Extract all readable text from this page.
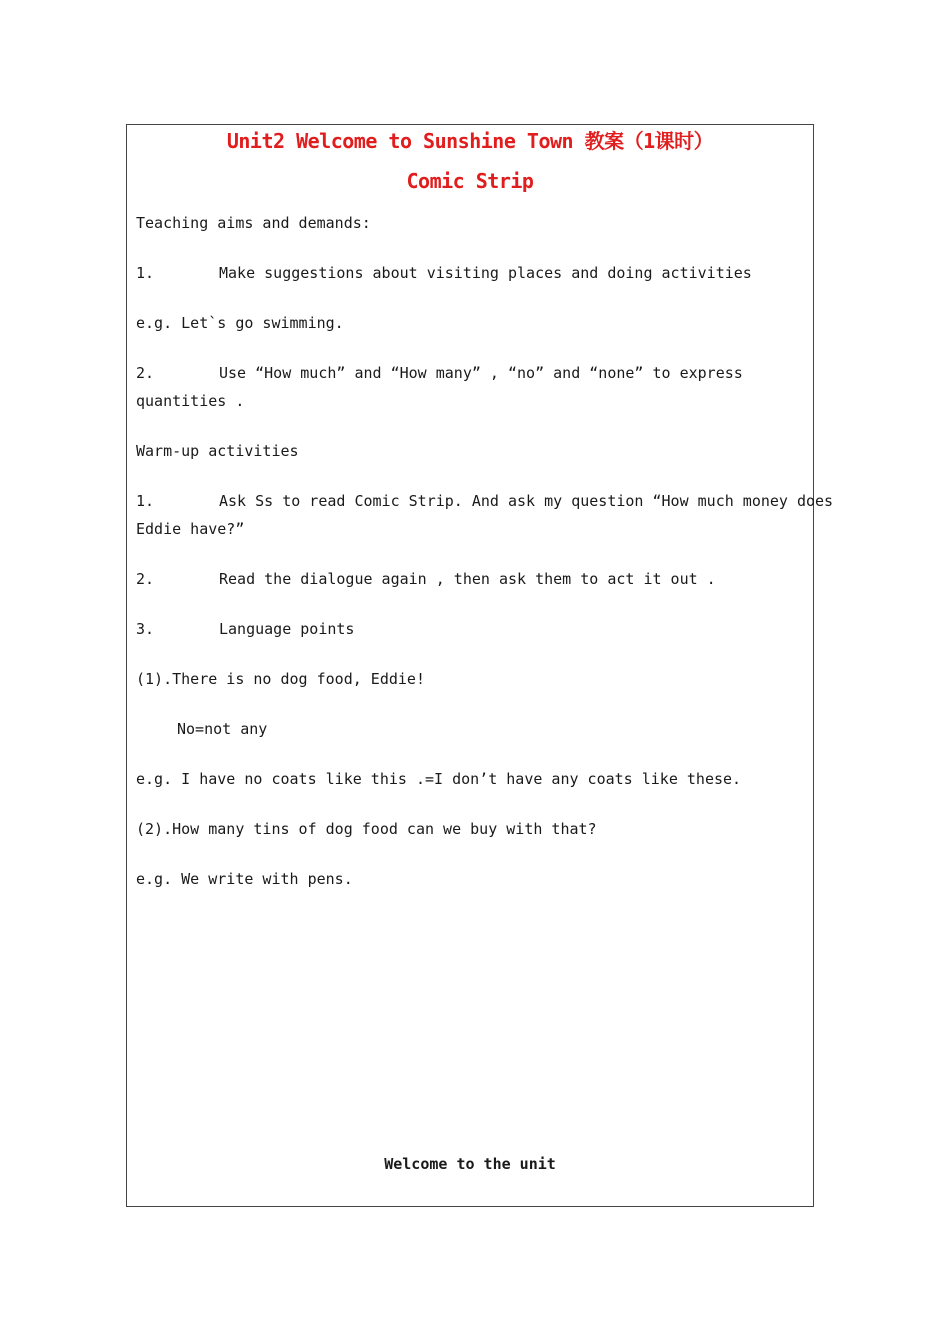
Unit2 Welcome to Sunshine Town 教案（1课时）
Comic Strip
Teaching aims and demands:
1.	Make suggestions about visiting places and doing activities
e.g. Let`s go swimming.
2.	Use “How much” and “How many” , “no” and “none” to express
quantities .
Warm-up activities
1.	Ask Ss to read Comic Strip. And ask my question “How much money does
Eddie have?”
2.	Read the dialogue again , then ask them to act it out .
3.	Language points
(1).There is no dog food, Eddie!
No=not any
e.g. I have no coats like this .=I don’t have any coats like these.
(2).How many tins of dog food can we buy with that?
e.g. We write with pens.
Welcome to the unit
